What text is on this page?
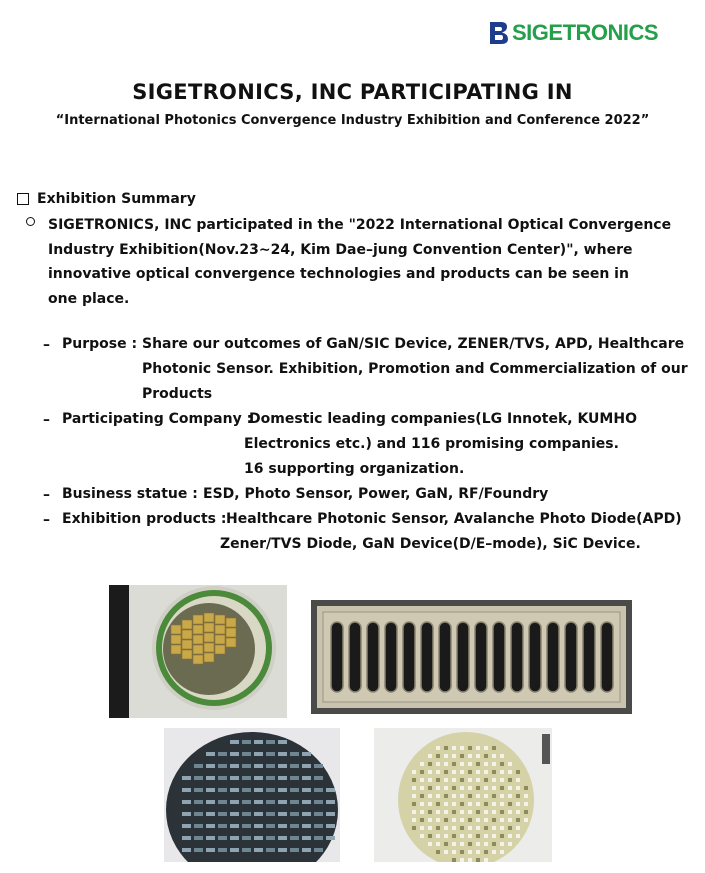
SIGETRONICS
SIGETRONICS, INC PARTICIPATING IN
“International Photonics Convergence Industry Exhibition and Conference 2022”
Exhibition Summary
SIGETRONICS, INC participated in the "2022 International Optical Convergence
Industry Exhibition(Nov.23∼24, Kim Dae–jung Convention Center)", where
innovative optical convergence technologies and products can be seen in
one place.
– Purpose : Share our outcomes of GaN/SIC Device, ZENER/TVS, APD, Healthcare
Photonic Sensor. Exhibition, Promotion and Commercialization of our
Products
– Participating Company :
Domestic leading companies(LG Innotek, KUMHO
Electronics etc.) and 116 promising companies.
16 supporting organization.
– Business statue : ESD, Photo Sensor, Power, GaN, RF/Foundry
– Exhibition products : Healthcare Photonic Sensor, Avalanche Photo Diode(APD)
Zener/TVS Diode, GaN Device(D/E–mode), SiC Device.
